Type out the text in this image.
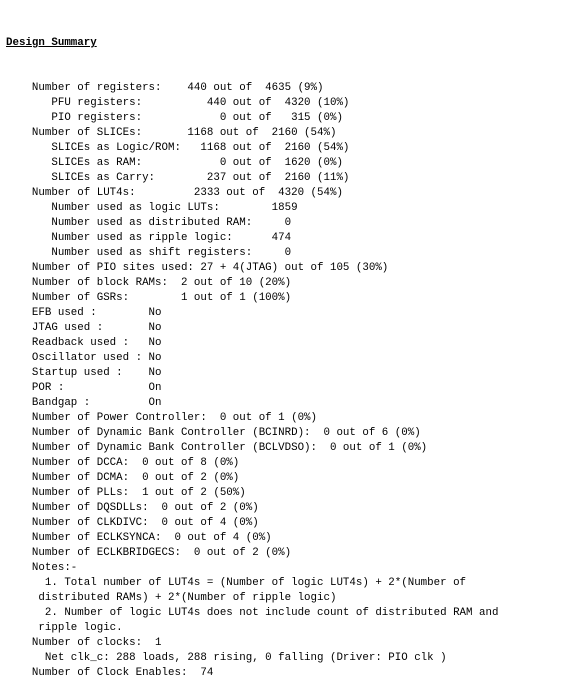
Design Summary

Number of registers:    440 out of  4635 (9%)
PFU registers:          440 out of  4320 (10%)
PIO registers:            0 out of   315 (0%)
Number of SLICEs:       1168 out of  2160 (54%)
SLICEs as Logic/ROM:   1168 out of  2160 (54%)
SLICEs as RAM:            0 out of  1620 (0%)
SLICEs as Carry:        237 out of  2160 (11%)
Number of LUT4s:         2333 out of  4320 (54%)
Number used as logic LUTs:        1859
Number used as distributed RAM:     0
Number used as ripple logic:      474
Number used as shift registers:     0
Number of PIO sites used: 27 + 4(JTAG) out of 105 (30%)
Number of block RAMs:  2 out of 10 (20%)
Number of GSRs:        1 out of 1 (100%)
EFB used :        No
JTAG used :       No
Readback used :   No
Oscillator used : No
Startup used :    No
POR :             On
Bandgap :         On
Number of Power Controller:  0 out of 1 (0%)
Number of Dynamic Bank Controller (BCINRD):  0 out of 6 (0%)
Number of Dynamic Bank Controller (BCLVDSO):  0 out of 1 (0%)
Number of DCCA:  0 out of 8 (0%)
Number of DCMA:  0 out of 2 (0%)
Number of PLLs:  1 out of 2 (50%)
Number of DQSDLLs:  0 out of 2 (0%)
Number of CLKDIVC:  0 out of 4 (0%)
Number of ECLKSYNCA:  0 out of 4 (0%)
Number of ECLKBRIDGECS:  0 out of 2 (0%)
Notes:-
1. Total number of LUT4s = (Number of logic LUT4s) + 2*(Number of
distributed RAMs) + 2*(Number of ripple logic)
2. Number of logic LUT4s does not include count of distributed RAM and
ripple logic.
Number of clocks:  1
Net clk_c: 288 loads, 288 rising, 0 falling (Driver: PIO clk )
Number of Clock Enables:  74
